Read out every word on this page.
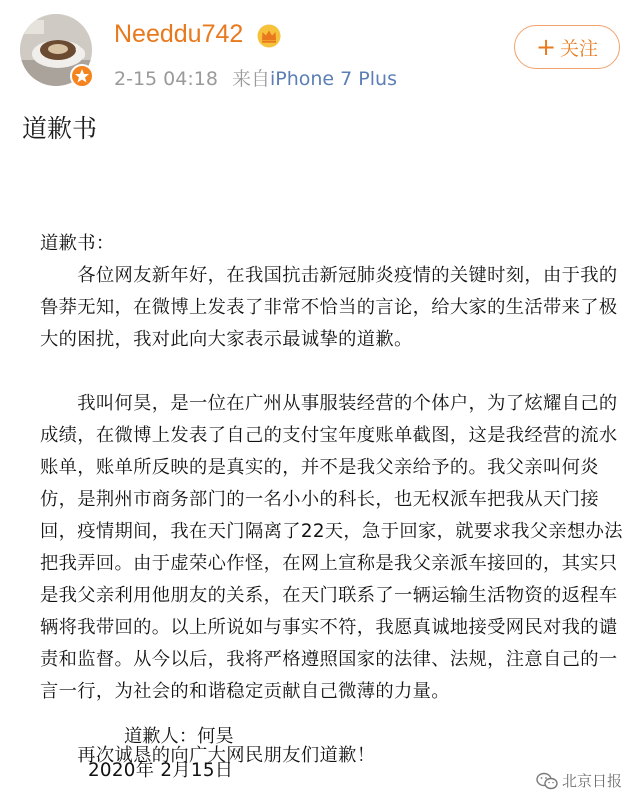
Needdu742
2-15 04:18 来自iPhone 7 Plus
+ 关注
道歉书

道歉书：

　　各位网友新年好，在我国抗击新冠肺炎疫情的关键时刻，由于我的鲁莽无知，在微博上发表了非常不恰当的言论，给大家的生活带来了极大的困扰，我对此向大家表示最诚挚的道歉。

　　我叫何昊，是一位在广州从事服装经营的个体户，为了炫耀自己的成绩，在微博上发表了自己的支付宝年度账单截图，这是我经营的流水账单，账单所反映的是真实的，并不是我父亲给予的。我父亲叫何炎仿，是荆州市商务部门的一名小小的科长，也无权派车把我从天门接回，疫情期间，我在天门隔离了22天，急于回家，就要求我父亲想办法把我弄回。由于虚荣心作怪，在网上宣称是我父亲派车接回的，其实只是我父亲利用他朋友的关系，在天门联系了一辆运输生活物资的返程车辆将我带回的。以上所说如与事实不符，我愿真诚地接受网民对我的谴责和监督。从今以后，我将严格遵照国家的法律、法规，注意自己的一言一行，为社会的和谐稳定贡献自己微薄的力量。

　　再次诚恳的向广大网民朋友们道歉！

道歉人：何昊
2020年 2月15日	北京日报
